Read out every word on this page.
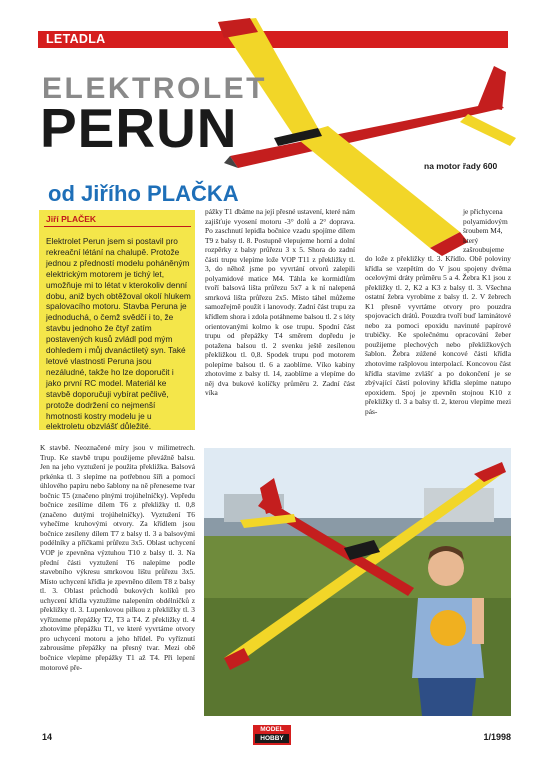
LETADLA
ELEKTROLET
PERUN
na motor řady 600
od Jiřího PLAČKA
Jiří PLAČEK
Elektrolet Perun jsem si postavil pro rekreační létání na chalupě. Protože jednou z předností modelu poháněným elektrickým motorem je tichý let, umožňuje mi to létat v kterokoliv denní dobu, aniž bych obtěžoval okolí hlukem spalovacího motoru. Stavba Peruna je jednoduchá, o čemž svědčí i to, že stavbu jednoho že čtyř zatím postavených kusů zvládl pod mým dohledem i můj dvanáctiletý syn. Také letové vlastnosti Peruna jsou nezáludné, takže ho lze doporučit i jako první RC model. Materiál ke stavbě doporučuji vybírat pečlivě, protože dodržení co nejmenší hmotnosti kostry modelu je u elektroletu obzvlášť důležité.
K stavbě. Neoznačené míry jsou v milimetrech. Trup. Ke stavbě trupu použijeme převážně balsu. Jen na jeho vyztužení je použita překližka. Balsová prkénka tl. 3 slepíme na potřebnou šíři a pomocí úhlového papíru nebo šablony na ně přeneseme tvar bočnic T5 (značeno plnými trojúhelníčky). Vepředu bočnice zesílíme dílem T6 z překližky tl. 0,8 (značeno dutými trojúhelníčky). Vyztužení T6 vyhečíme kruhovými otvory. Za křídlem jsou bočnice zesíleny dílem T7 z balsy tl. 3 a balsovými podélníky a příčkami průřezu 3x5. Oblast uchycení VOP je zpevněna výztuhou T10 z balsy tl. 3. Na přední části vyztužení T6 nalepíme podle stavebního výkresu smrkovou lištu průřezu 3x5. Místo uchycení křídla je zpevněno dílem T8 z balsy tl. 3. Oblast průchodů bukových kolíků pro uchycení křídla vyztužíme nalepením obdélníčků z překližky tl. 3. Lupenkovou pilkou z překližky tl. 3 vyřízneme přepážky T2, T3 a T4. Z překližky tl. 4 zhotovíme přepážku T1, ve které vyvrtáme otvory pro uchycení motoru a jeho hřídel. Po vyříznutí zabrousíme přepážky na přesný tvar. Mezi obě bočnice vlepíme přepážky T1 až T4. Při lepení motorové pře-
pážky T1 dbáme na její přesné ustavení, které nám zajišťuje vyosení motoru -3° dolů a 2° doprava. Po zaschnutí lepidla bočnice vzadu spojíme dílem T9 z balsy tl. 8. Postupně vlepujeme horní a dolní rozpěrky z balsy průřezu 3 x 5. Shora do zadní části trupu vlepíme lože VOP T11 z překližky tl. 3, do něhož jsme po vyvrtání otvorů zalepili polyamidové matice M4. Táhla ke kormidlům tvoří balsová lišta průřezu 5x7 a k ní nalepená smrková lišta průřezu 2x5. Místo táhel můžeme samozřejmě použít i lanovody. Zadní část trupu za křídlem shora i zdola potáhneme balsou tl. 2 s léty orientovanými kolmo k ose trupu. Spodní část trupu od přepážky T4 směrem dopředu je potažena balsou tl. 2 svenku ještě zesílenou překližkou tl. 0,8. Spodek trupu pod motorem polepíme balsou tl. 6 a zaoblíme. Víko kabiny zhotovíme z balsy tl. 14, zaoblíme a vlepíme do něj dva bukové kolíčky průměru 2. Zadní část víka
je přichycena polyamidovým šroubem M4, který zašroubujeme
do lože z překližky tl. 3. Křídlo. Obě poloviny křídla se vzepětím do V jsou spojeny dvěma ocelovými dráty průměru 5 a 4. Žebra K1 jsou z překližky tl. 2, K2 a K3 z balsy tl. 3. Všechna ostatní žebra vyrobíme z balsy tl. 2. V žebrech K1 přesně vyvrtáme otvory pro pouzdra spojovacích drátů. Pouzdra tvoří buď laminátové nebo za pomoci epoxidu navinuté papírové trubičky. Ke společnému opracování žeber použijeme plechových nebo překližkových šablon. Žebra zúžené koncové části křídla zhotovíme rašplovou interpolací. Koncovou část křídla stavíme zvlášť a po dokončení je se zbývající částí poloviny křídla slepíme natupo epoxidem. Spoj je zpevněn stojnou K10 z překližky tl. 3 a balsy tl. 2, kterou vlepíme mezi pás-
14
MODEL
HOBBY	1/1998
